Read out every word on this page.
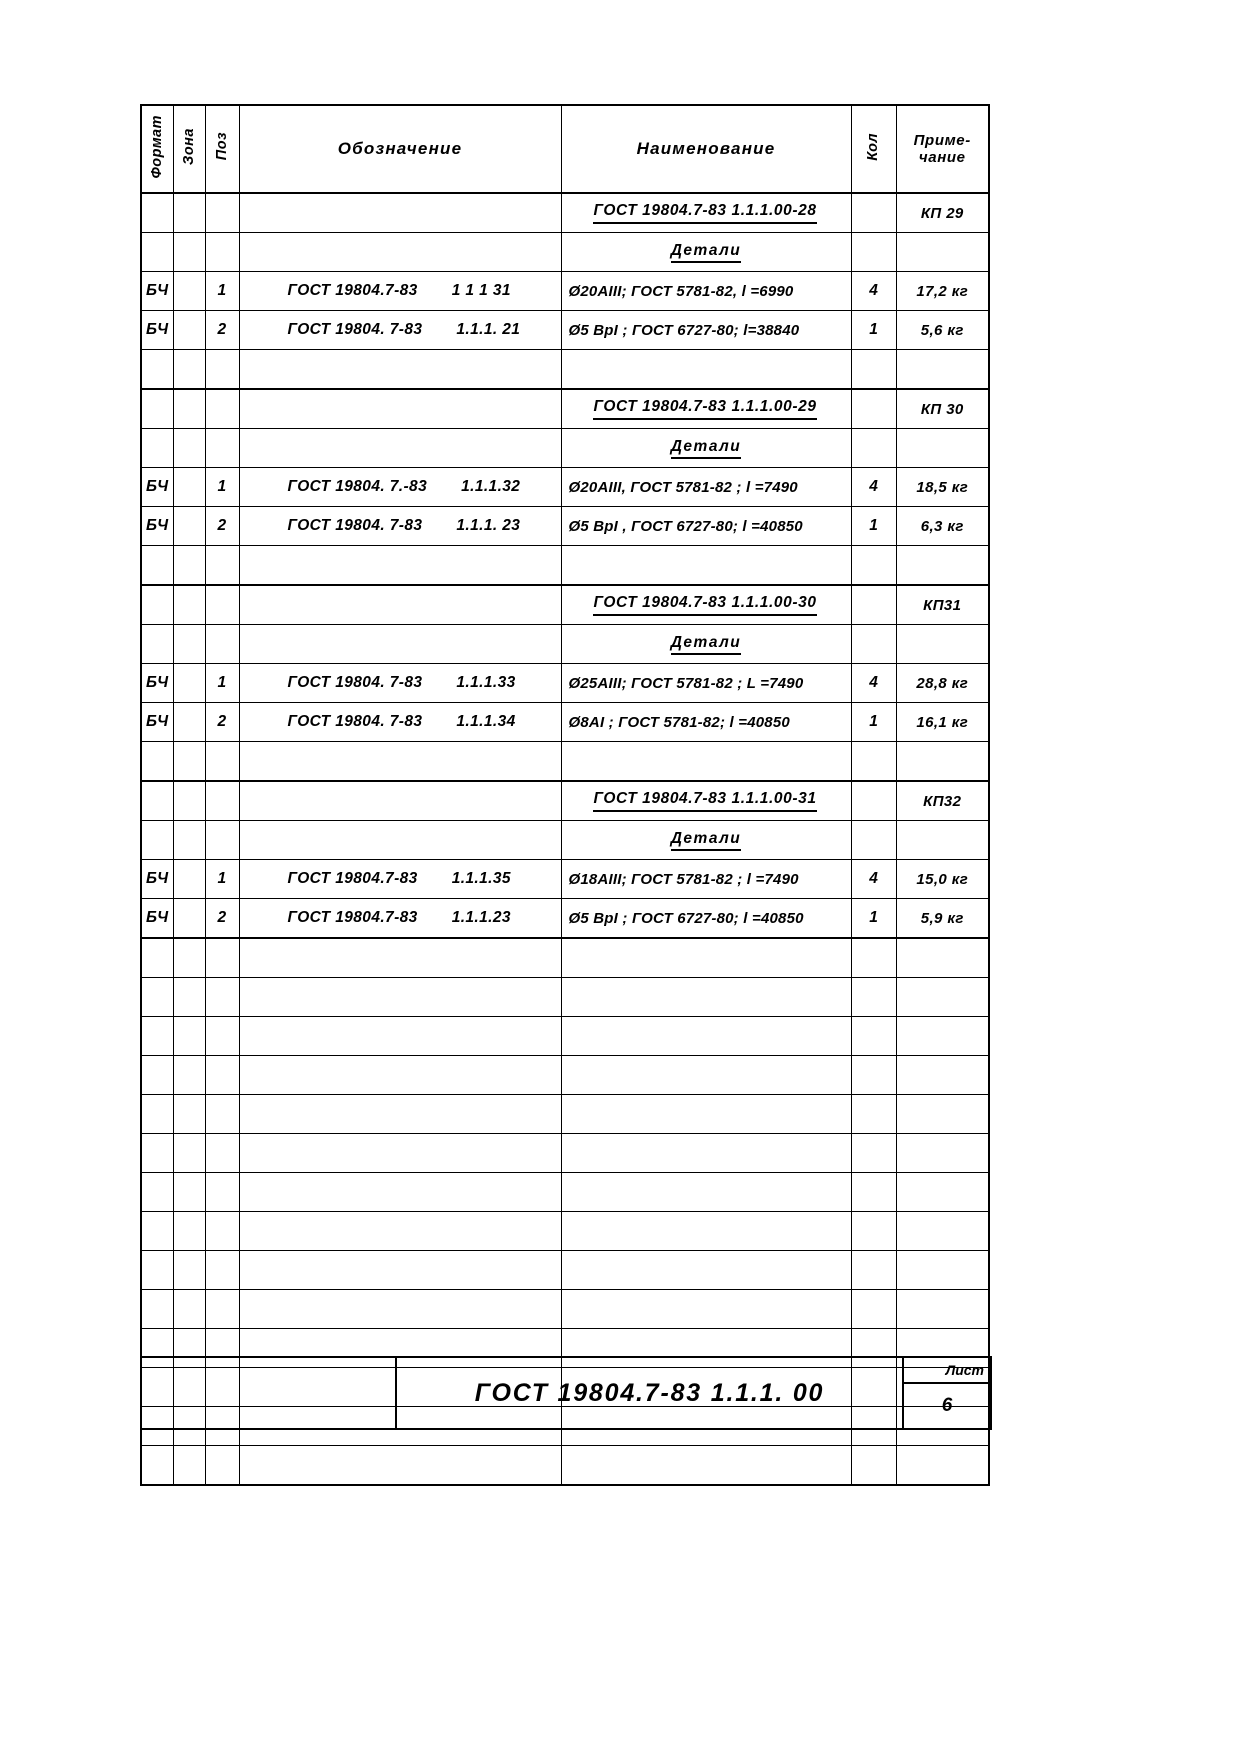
Формат	Зона	Поз	Обозначение	Наименование	Кол	Приме-
чание

				ГОСТ 19804.7-83 1.1.1.00-28		КП 29

				Детали		

БЧ		1	ГОСТ 19804.7-83 1 1 1 31	Ø20АIII; ГОСТ 5781-82, l =6990	4	17,2 кг

БЧ		2	ГОСТ 19804. 7-83 1.1.1. 21	Ø5 ВрI ; ГОСТ 6727-80; l=38840	1	5,6 кг

				ГОСТ 19804.7-83 1.1.1.00-29		КП 30

				Детали		

БЧ		1	ГОСТ 19804. 7.-83 1.1.1.32	Ø20АIII, ГОСТ 5781-82 ; l =7490	4	18,5 кг

БЧ		2	ГОСТ 19804. 7-83 1.1.1. 23	Ø5 ВрI , ГОСТ 6727-80; l =40850	1	6,3 кг

				ГОСТ 19804.7-83 1.1.1.00-30		КП31

				Детали		

БЧ		1	ГОСТ 19804. 7-83 1.1.1.33	Ø25АIII; ГОСТ 5781-82 ; L =7490	4	28,8 кг

БЧ		2	ГОСТ 19804. 7-83 1.1.1.34	Ø8АI ; ГОСТ 5781-82; l =40850	1	16,1 кг

				ГОСТ 19804.7-83 1.1.1.00-31		КП32

				Детали		

БЧ		1	ГОСТ 19804.7-83 1.1.1.35	Ø18АIII; ГОСТ 5781-82 ; l =7490	4	15,0 кг

БЧ		2	ГОСТ 19804.7-83 1.1.1.23	Ø5 ВрI ; ГОСТ 6727-80; l =40850	1	5,9 кг

ГОСТ 19804.7-83 1.1.1. 00

Лист
6
